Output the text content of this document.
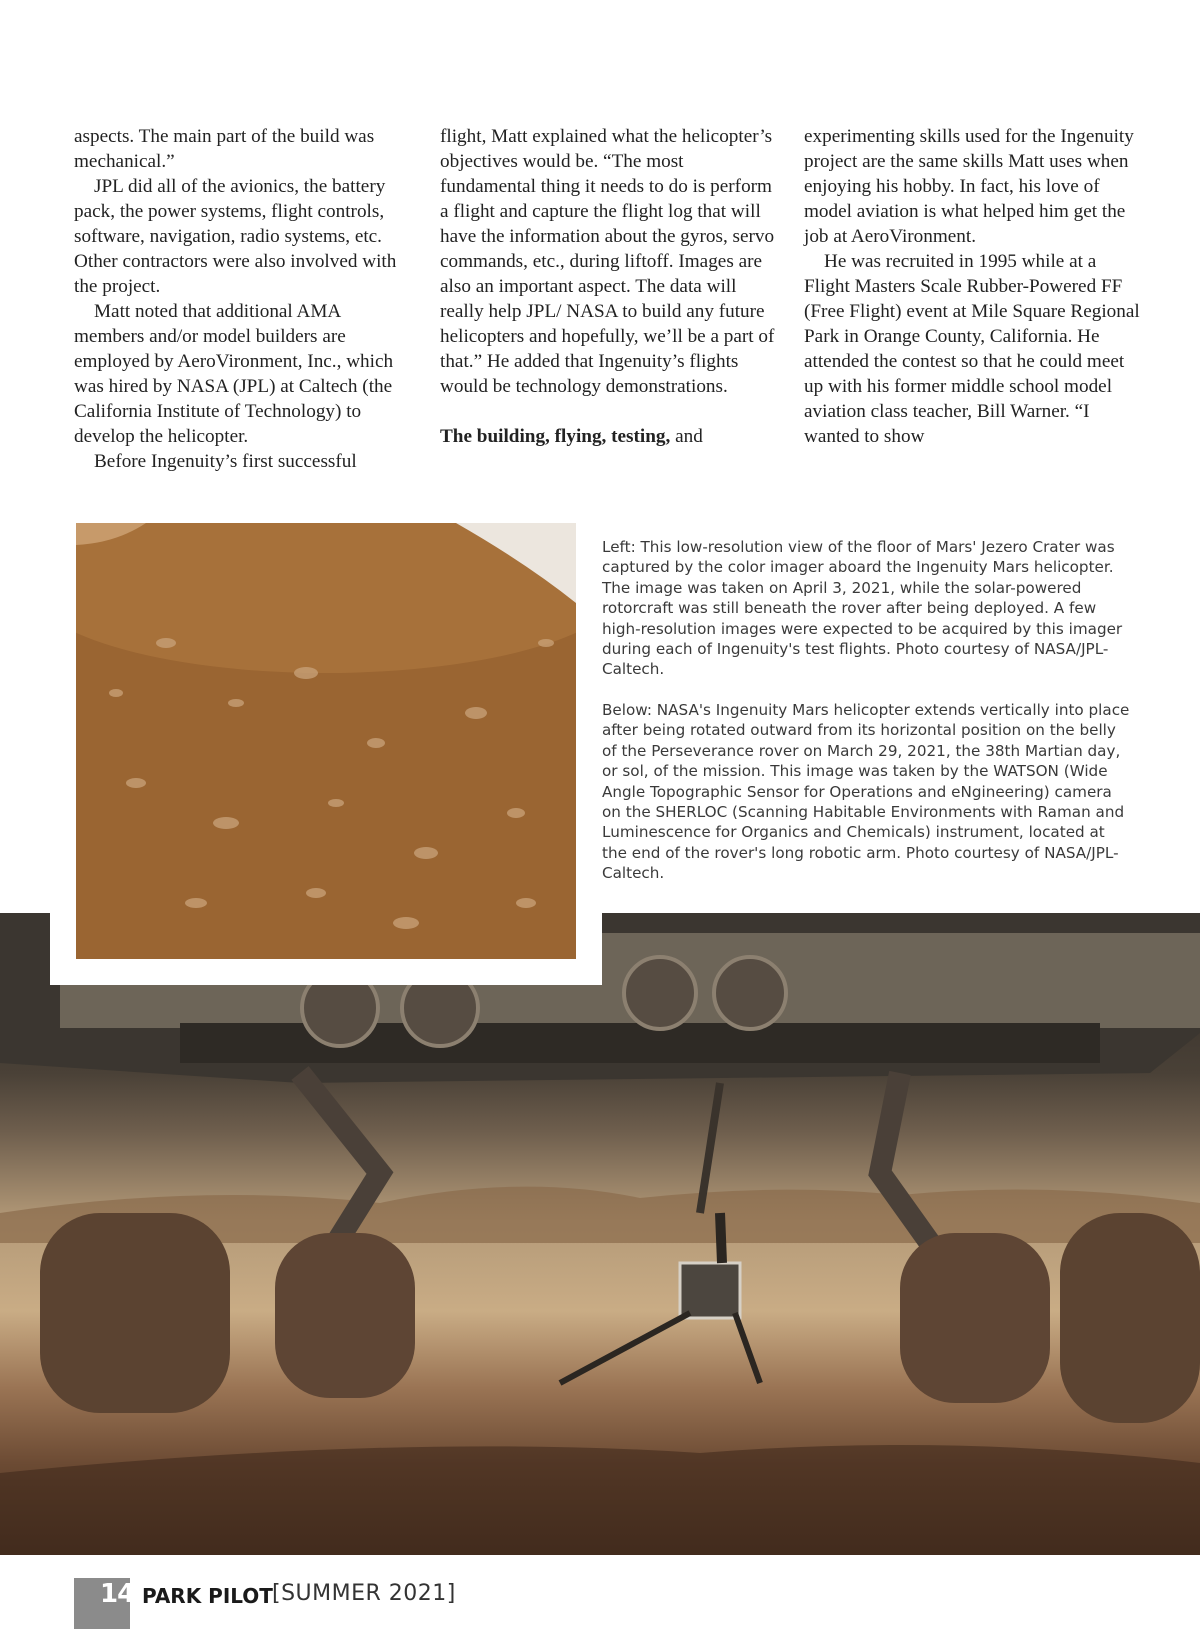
aspects. The main part of the build was mechanical.”

JPL did all of the avionics, the battery pack, the power systems, flight controls, software, navigation, radio systems, etc. Other contractors were also involved with the project.

Matt noted that additional AMA members and/or model builders are employed by AeroVironment, Inc., which was hired by NASA (JPL) at Caltech (the California Institute of Technology) to develop the helicopter.

Before Ingenuity’s first successful

flight, Matt explained what the helicopter’s objectives would be. “The most fundamental thing it needs to do is perform a flight and capture the flight log that will have the information about the gyros, servo commands, etc., during liftoff. Images are also an important aspect. The data will really help JPL/ NASA to build any future helicopters and hopefully, we’ll be a part of that.” He added that Ingenuity’s flights would be technology demonstrations.

The building, flying, testing, and

experimenting skills used for the Ingenuity project are the same skills Matt uses when enjoying his hobby. In fact, his love of model aviation is what helped him get the job at AeroVironment.

He was recruited in 1995 while at a Flight Masters Scale Rubber-Powered FF (Free Flight) event at Mile Square Regional Park in Orange County, California. He attended the contest so that he could meet up with his former middle school model aviation class teacher, Bill Warner. “I wanted to show

Left: This low-resolution view of the floor of Mars' Jezero Crater was captured by the color imager aboard the Ingenuity Mars helicopter. The image was taken on April 3, 2021, while the solar-powered rotorcraft was still beneath the rover after being deployed. A few high-resolution images were expected to be acquired by this imager during each of Ingenuity's test flights. Photo courtesy of NASA/JPL-Caltech.

Below: NASA's Ingenuity Mars helicopter extends vertically into place after being rotated outward from its horizontal position on the belly of the Perseverance rover on March 29, 2021, the 38th Martian day, or sol, of the mission. This image was taken by the WATSON (Wide Angle Topographic Sensor for Operations and eNgineering) camera on the SHERLOC (Scanning Habitable Environments with Raman and Luminescence for Organics and Chemicals) instrument, located at the end of the rover's long robotic arm. Photo courtesy of NASA/JPL-Caltech.

14 PARK PILOT [SUMMER 2021]
